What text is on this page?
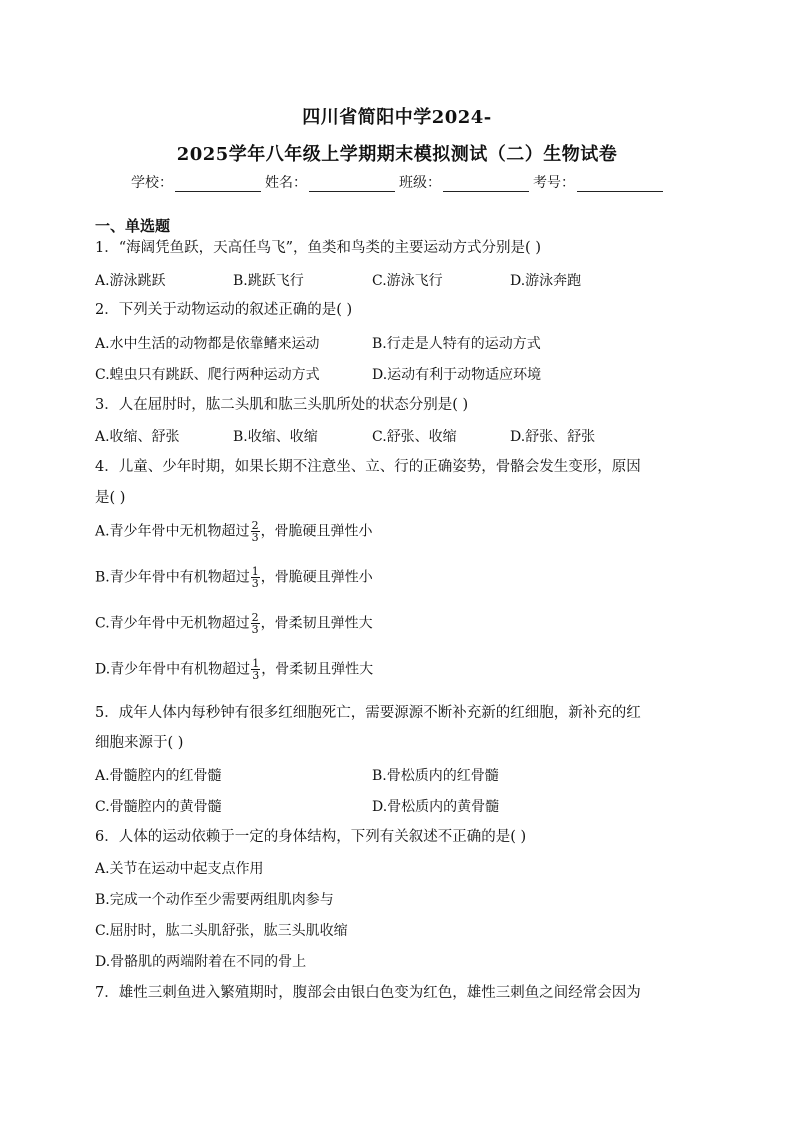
四川省简阳中学2024-
2025学年八年级上学期期末模拟测试（二）生物试卷
学校：	姓名：	班级：	考号：
一、单选题
1．“海阔凭鱼跃，天高任鸟飞”，鱼类和鸟类的主要运动方式分别是( )
A.游泳跳跃	B.跳跃飞行	C.游泳飞行	D.游泳奔跑
2．下列关于动物运动的叙述正确的是( )
A.水中生活的动物都是依靠鳍来运动	B.行走是人特有的运动方式
C.蝗虫只有跳跃、爬行两种运动方式	D.运动有利于动物适应环境
3．人在屈肘时，肱二头肌和肱三头肌所处的状态分别是( )
A.收缩、舒张	B.收缩、收缩	C.舒张、收缩	D.舒张、舒张
4．儿童、少年时期，如果长期不注意坐、立、行的正确姿势，骨骼会发生变形，原因
是( )
A.青少年骨中无机物超过 $\frac{2}{3}$ ，骨脆硬且弹性小
B.青少年骨中有机物超过 $\frac{1}{3}$ ，骨脆硬且弹性小
C.青少年骨中无机物超过 $\frac{2}{3}$ ，骨柔韧且弹性大
D.青少年骨中有机物超过 $\frac{1}{3}$ ，骨柔韧且弹性大
5．成年人体内每秒钟有很多红细胞死亡，需要源源不断补充新的红细胞，新补充的红
细胞来源于( )
A.骨髓腔内的红骨髓	B.骨松质内的红骨髓
C.骨髓腔内的黄骨髓	D.骨松质内的黄骨髓
6．人体的运动依赖于一定的身体结构，下列有关叙述不正确的是( )
A.关节在运动中起支点作用
B.完成一个动作至少需要两组肌肉参与
C.屈肘时，肱二头肌舒张，肱三头肌收缩
D.骨骼肌的两端附着在不同的骨上
7．雄性三刺鱼进入繁殖期时，腹部会由银白色变为红色，雄性三刺鱼之间经常会因为
